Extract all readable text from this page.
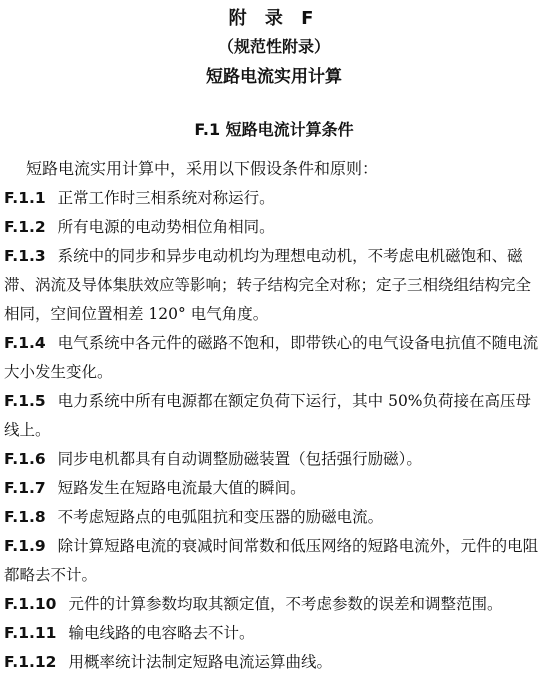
附 录 F
（规范性附录）
短路电流实用计算
F.1 短路电流计算条件
短路电流实用计算中，采用以下假设条件和原则：
F.1.1 正常工作时三相系统对称运行。
F.1.2 所有电源的电动势相位角相同。
F.1.3 系统中的同步和异步电动机均为理想电动机，不考虑电机磁饱和、磁滞、涡流及导体集肤效应等影响；转子结构完全对称；定子三相绕组结构完全相同，空间位置相差 120° 电气角度。
F.1.4 电气系统中各元件的磁路不饱和，即带铁心的电气设备电抗值不随电流大小发生变化。
F.1.5 电力系统中所有电源都在额定负荷下运行，其中 50%负荷接在高压母线上。
F.1.6 同步电机都具有自动调整励磁装置（包括强行励磁）。
F.1.7 短路发生在短路电流最大值的瞬间。
F.1.8 不考虑短路点的电弧阻抗和变压器的励磁电流。
F.1.9 除计算短路电流的衰减时间常数和低压网络的短路电流外，元件的电阻都略去不计。
F.1.10 元件的计算参数均取其额定值，不考虑参数的误差和调整范围。
F.1.11 输电线路的电容略去不计。
F.1.12 用概率统计法制定短路电流运算曲线。
